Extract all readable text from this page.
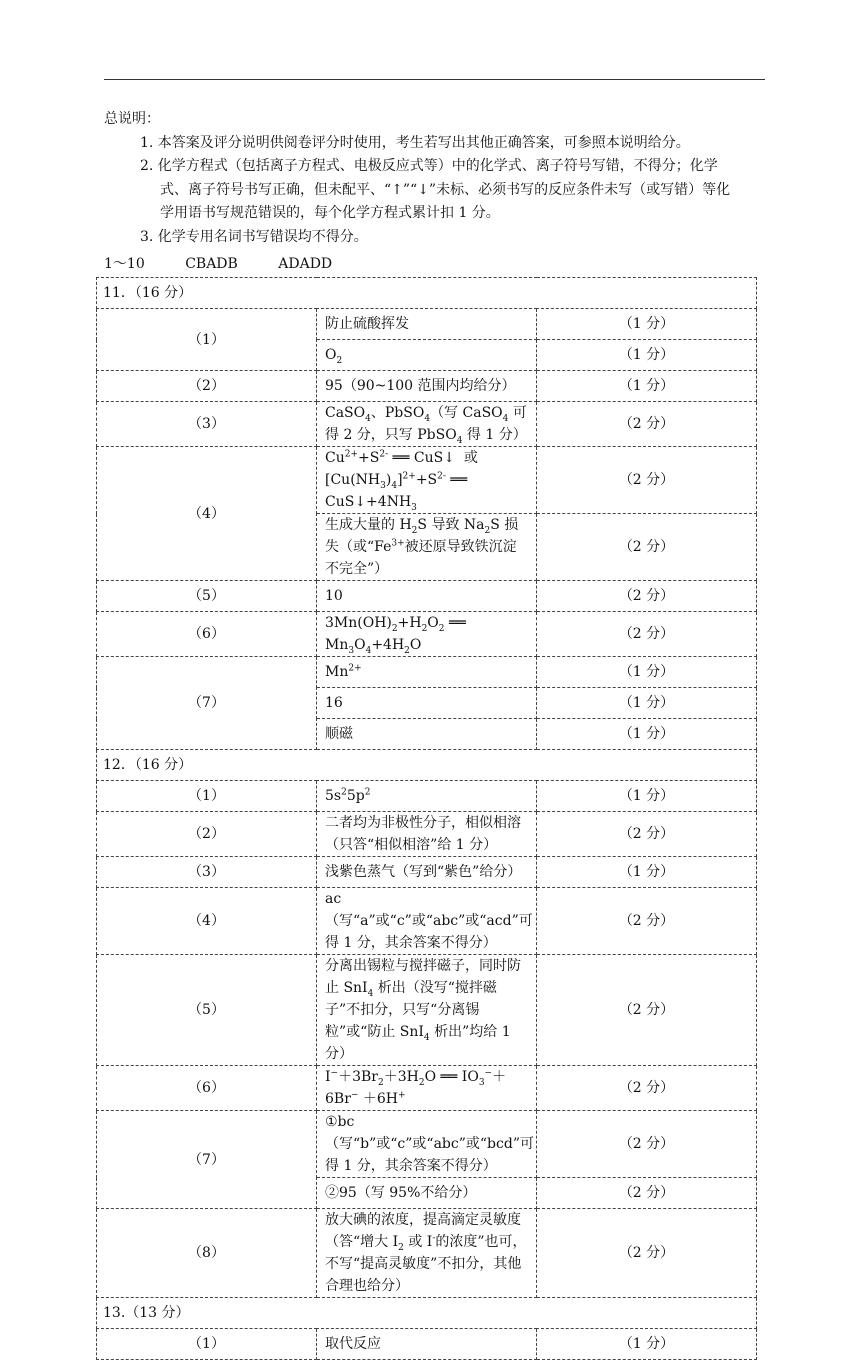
总说明：
1. 本答案及评分说明供阅卷评分时使用，考生若写出其他正确答案，可参照本说明给分。
2. 化学方程式（包括离子方程式、电极反应式等）中的化学式、离子符号写错，不得分；化学
式、离子符号书写正确，但未配平、“↑”“↓”未标、必须书写的反应条件未写（或写错）等化
学用语书写规范错误的，每个化学方程式累计扣 1 分。
3. 化学专用名词书写错误均不得分。
1～10	CBADB	ADADD
11．（16 分）		
（1）	防止硫酸挥发	（1 分）
	$O_2$	（1 分）
（2）	95（90~100 范围内均给分）	（1 分）
（3）	CaSO$_4$、PbSO$_4$（写 CaSO$_4$ 可得 2 分，只写 PbSO$_4$ 得 1 分）	（2 分）
（4）	$Cu^{2+}+S^{2-}$ ══ CuS↓  或  $[Cu(NH_3)_4]^{2+}+S^{2-}$ ══ $CuS↓+4NH_3$	（2 分）
	生成大量的 $H_2S$ 导致 $Na_2S$ 损失（或“$Fe^{3+}$被还原导致铁沉淀不完全”）	（2 分）
（5）	10	（2 分）
（6）	$3Mn(OH)_2+H_2O_2$ ══ $Mn_3O_4+4H_2O$	（2 分）
（7）	$Mn^{2+}$	（1 分）
	16	（1 分）
	顺磁	（1 分）
12．（16 分）		
（1）	$5s^25p^2$	（1 分）
（2）	二者均为非极性分子，相似相溶（只答“相似相溶”给 1 分）	（2 分）
（3）	浅紫色蒸气（写到“紫色”给分）	（1 分）
（4）	ac（写“a”或“c”或“abc”或“acd”可得 1 分，其余答案不得分）	（2 分）
（5）	分离出锡粒与搅拌磁子，同时防止 SnI$_4$ 析出（没写“搅拌磁子”不扣分，只写“分离锡粒”或“防止 SnI$_4$ 析出”均给 1 分）	（2 分）
（6）	$I^-+3Br_2+3H_2O$ ══ $IO_3^-+6Br^- +6H^+$	（2 分）
（7）	①bc（写“b”或“c”或“abc”或“bcd”可得 1 分，其余答案不得分）	（2 分）
	②95（写 95%不给分）	（2 分）
（8）	放大碘的浓度，提高滴定灵敏度（答“增大 $I_2$ 或 I-的浓度”也可，不写“提高灵敏度”不扣分，其他合理也给分）	（2 分）
13.（13 分）		
（1）	取代反应	（1 分）
